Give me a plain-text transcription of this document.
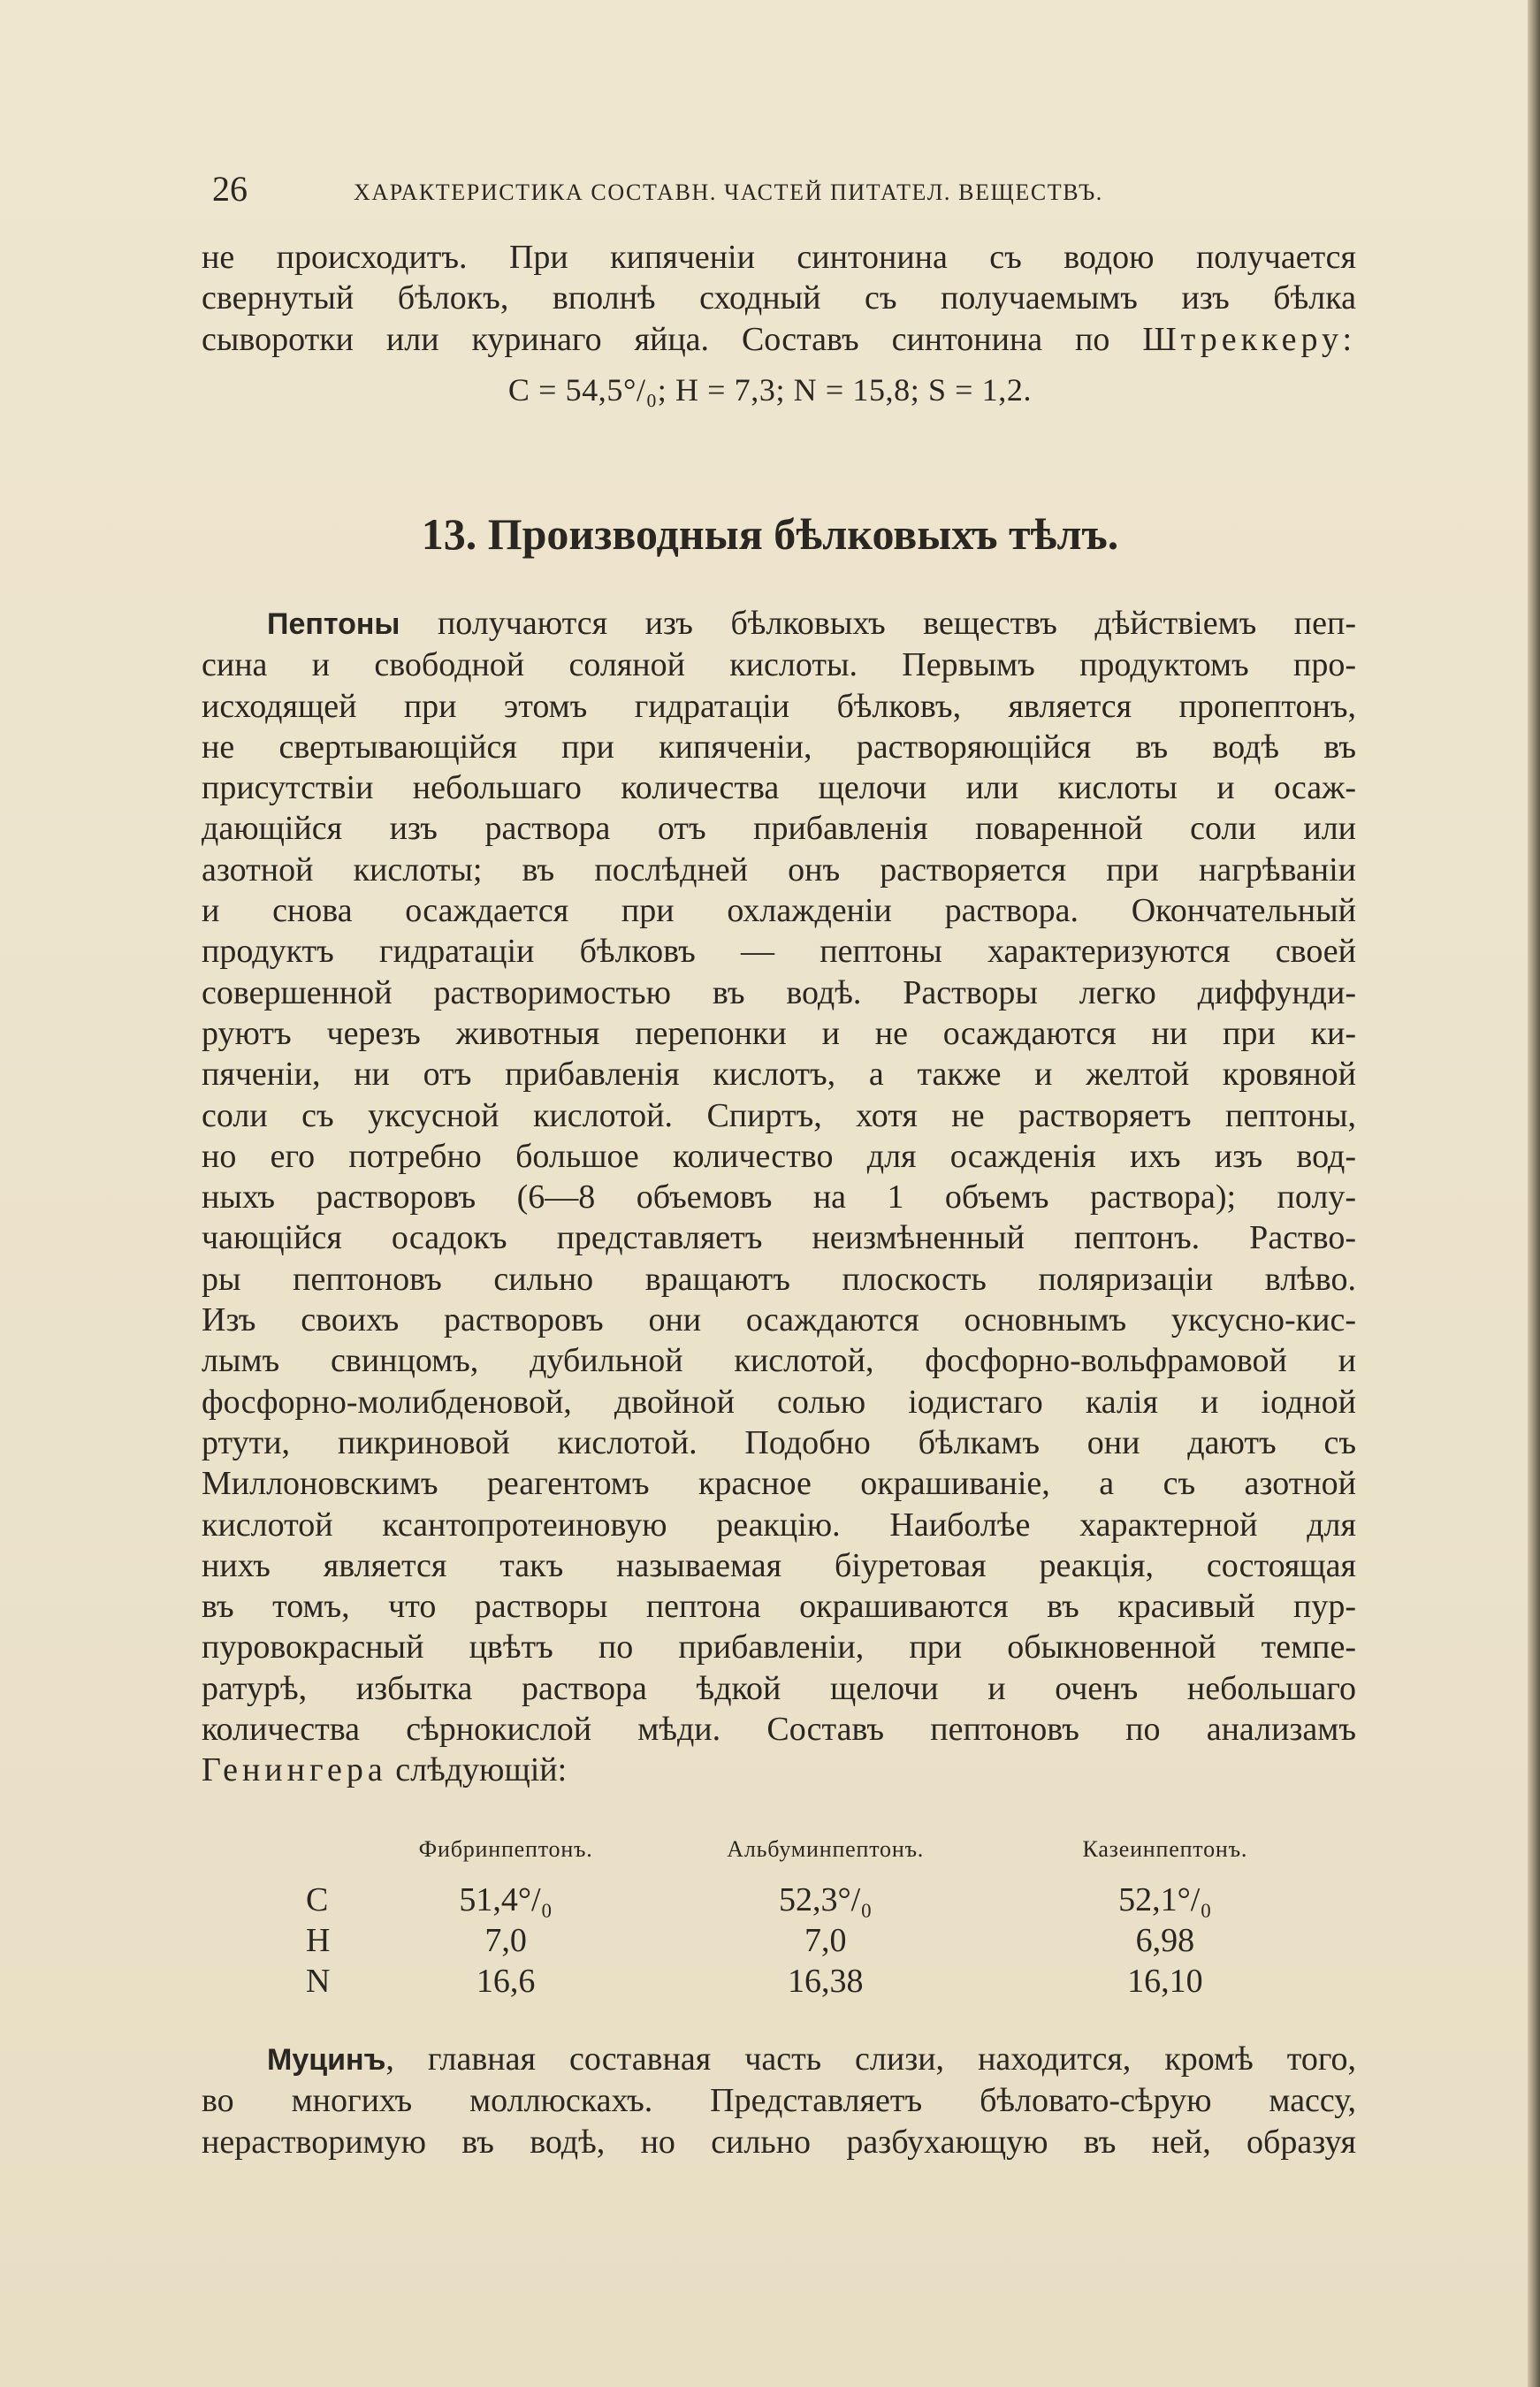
26	ХАРАКТЕРИСТИКА СОСТАВН. ЧАСТЕЙ ПИТАТЕЛ. ВЕЩЕСТВЪ.
не происходитъ. При кипяченіи синтонина съ водою получается
свернутый бѣлокъ, вполнѣ сходный съ получаемымъ изъ бѣлка
сыворотки или куринаго яйца. Составъ синтонина по Штреккеру:
C = 54,5°/₀; H = 7,3; N = 15,8; S = 1,2.
13. Производныя бѣлковыхъ тѣлъ.
Пептоны получаются изъ бѣлковыхъ веществъ дѣйствіемъ пеп-
сина и свободной соляной кислоты. Первымъ продуктомъ про-
исходящей при этомъ гидратаціи бѣлковъ, является пропептонъ,
не свертывающійся при кипяченіи, растворяющійся въ водѣ въ
присутствіи небольшаго количества щелочи или кислоты и осаж-
дающійся изъ раствора отъ прибавленія поваренной соли или
азотной кислоты; въ послѣдней онъ растворяется при нагрѣваніи
и снова осаждается при охлажденіи раствора. Окончательный
продуктъ гидратаціи бѣлковъ — пептоны характеризуются своей
совершенной растворимостью въ водѣ. Растворы легко диффунди-
руютъ черезъ животныя перепонки и не осаждаются ни при ки-
пяченіи, ни отъ прибавленія кислотъ, а также и желтой кровяной
соли съ уксусной кислотой. Спиртъ, хотя не растворяетъ пептоны,
но его потребно большое количество для осажденія ихъ изъ вод-
ныхъ растворовъ (6—8 объемовъ на 1 объемъ раствора); полу-
чающійся осадокъ представляетъ неизмѣненный пептонъ. Раство-
ры пептоновъ сильно вращаютъ плоскость поляризаціи влѣво.
Изъ своихъ растворовъ они осаждаются основнымъ уксусно-кис-
лымъ свинцомъ, дубильной кислотой, фосфорно-вольфрамовой и
фосфорно-молибденовой, двойной солью іодистаго калія и іодной
ртути, пикриновой кислотой. Подобно бѣлкамъ они даютъ съ
Миллоновскимъ реагентомъ красное окрашиваніе, а съ азотной
кислотой ксантопротеиновую реакцію. Наиболѣе характерной для
нихъ является такъ называемая біуретовая реакція, состоящая
въ томъ, что растворы пептона окрашиваются въ красивый пур-
пуровокрасный цвѣтъ по прибавленіи, при обыкновенной темпе-
ратурѣ, избытка раствора ѣдкой щелочи и оченъ небольшаго
количества сѣрнокислой мѣди. Составъ пептоновъ по анализамъ
Генингера слѣдующій:
	Фибринпептонъ.	Альбуминпептонъ.	Казеинпептонъ.
C	51,4°/₀	52,3°/₀	52,1°/₀
H	7,0	7,0	6,98
N	16,6	16,38	16,10
Муцинъ, главная составная часть слизи, находится, кромѣ того,
во многихъ моллюскахъ. Представляетъ бѣловато-сѣрую массу,
нерастворимую въ водѣ, но сильно разбухающую въ ней, образуя
